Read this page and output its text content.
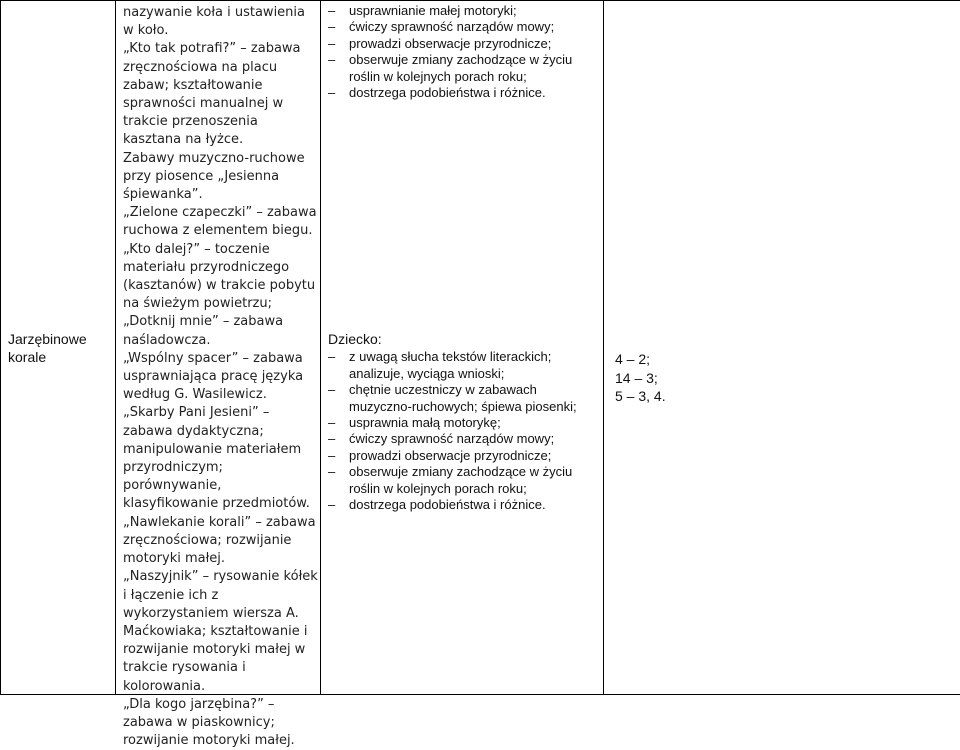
Jarzębinowe korale
nazywanie koła i ustawienia w koło.
„Kto tak potrafi?” – zabawa zręcznościowa na placu zabaw; kształtowanie sprawności manualnej w trakcie przenoszenia kasztana na łyżce.
Zabawy muzyczno-ruchowe przy piosence „Jesienna śpiewanka”.
„Zielone czapeczki” – zabawa ruchowa z elementem biegu.
„Kto dalej?” – toczenie materiału przyrodniczego (kasztanów) w trakcie pobytu na świeżym powietrzu;
„Dotknij mnie” – zabawa naśladowcza.
„Wspólny spacer” – zabawa usprawniająca pracę języka według G. Wasilewicz.
„Skarby Pani Jesieni” – zabawa dydaktyczna; manipulowanie materiałem przyrodniczym; porównywanie, klasyfikowanie przedmiotów.
„Nawlekanie korali” – zabawa zręcznościowa; rozwijanie motoryki małej.
„Naszyjnik” – rysowanie kółek i łączenie ich z wykorzystaniem wiersza A. Maćkowiaka; kształtowanie i rozwijanie motoryki małej w trakcie rysowania i kolorowania.
„Dla kogo jarzębina?” – zabawa w piaskownicy; rozwijanie motoryki małej.
– usprawnianie małej motoryki;
– ćwiczy sprawność narządów mowy;
– prowadzi obserwacje przyrodnicze;
– obserwuje zmiany zachodzące w życiu roślin w kolejnych porach roku;
– dostrzega podobieństwa i różnice.
Dziecko:
– z uwagą słucha tekstów literackich; analizuje, wyciąga wnioski;
– chętnie uczestniczy w zabawach muzyczno-ruchowych; śpiewa piosenki;
– usprawnia małą motorykę;
– ćwiczy sprawność narządów mowy;
– prowadzi obserwacje przyrodnicze;
– obserwuje zmiany zachodzące w życiu roślin w kolejnych porach roku;
– dostrzega podobieństwa i różnice.
4 – 2;
14 – 3;
5 – 3, 4.
